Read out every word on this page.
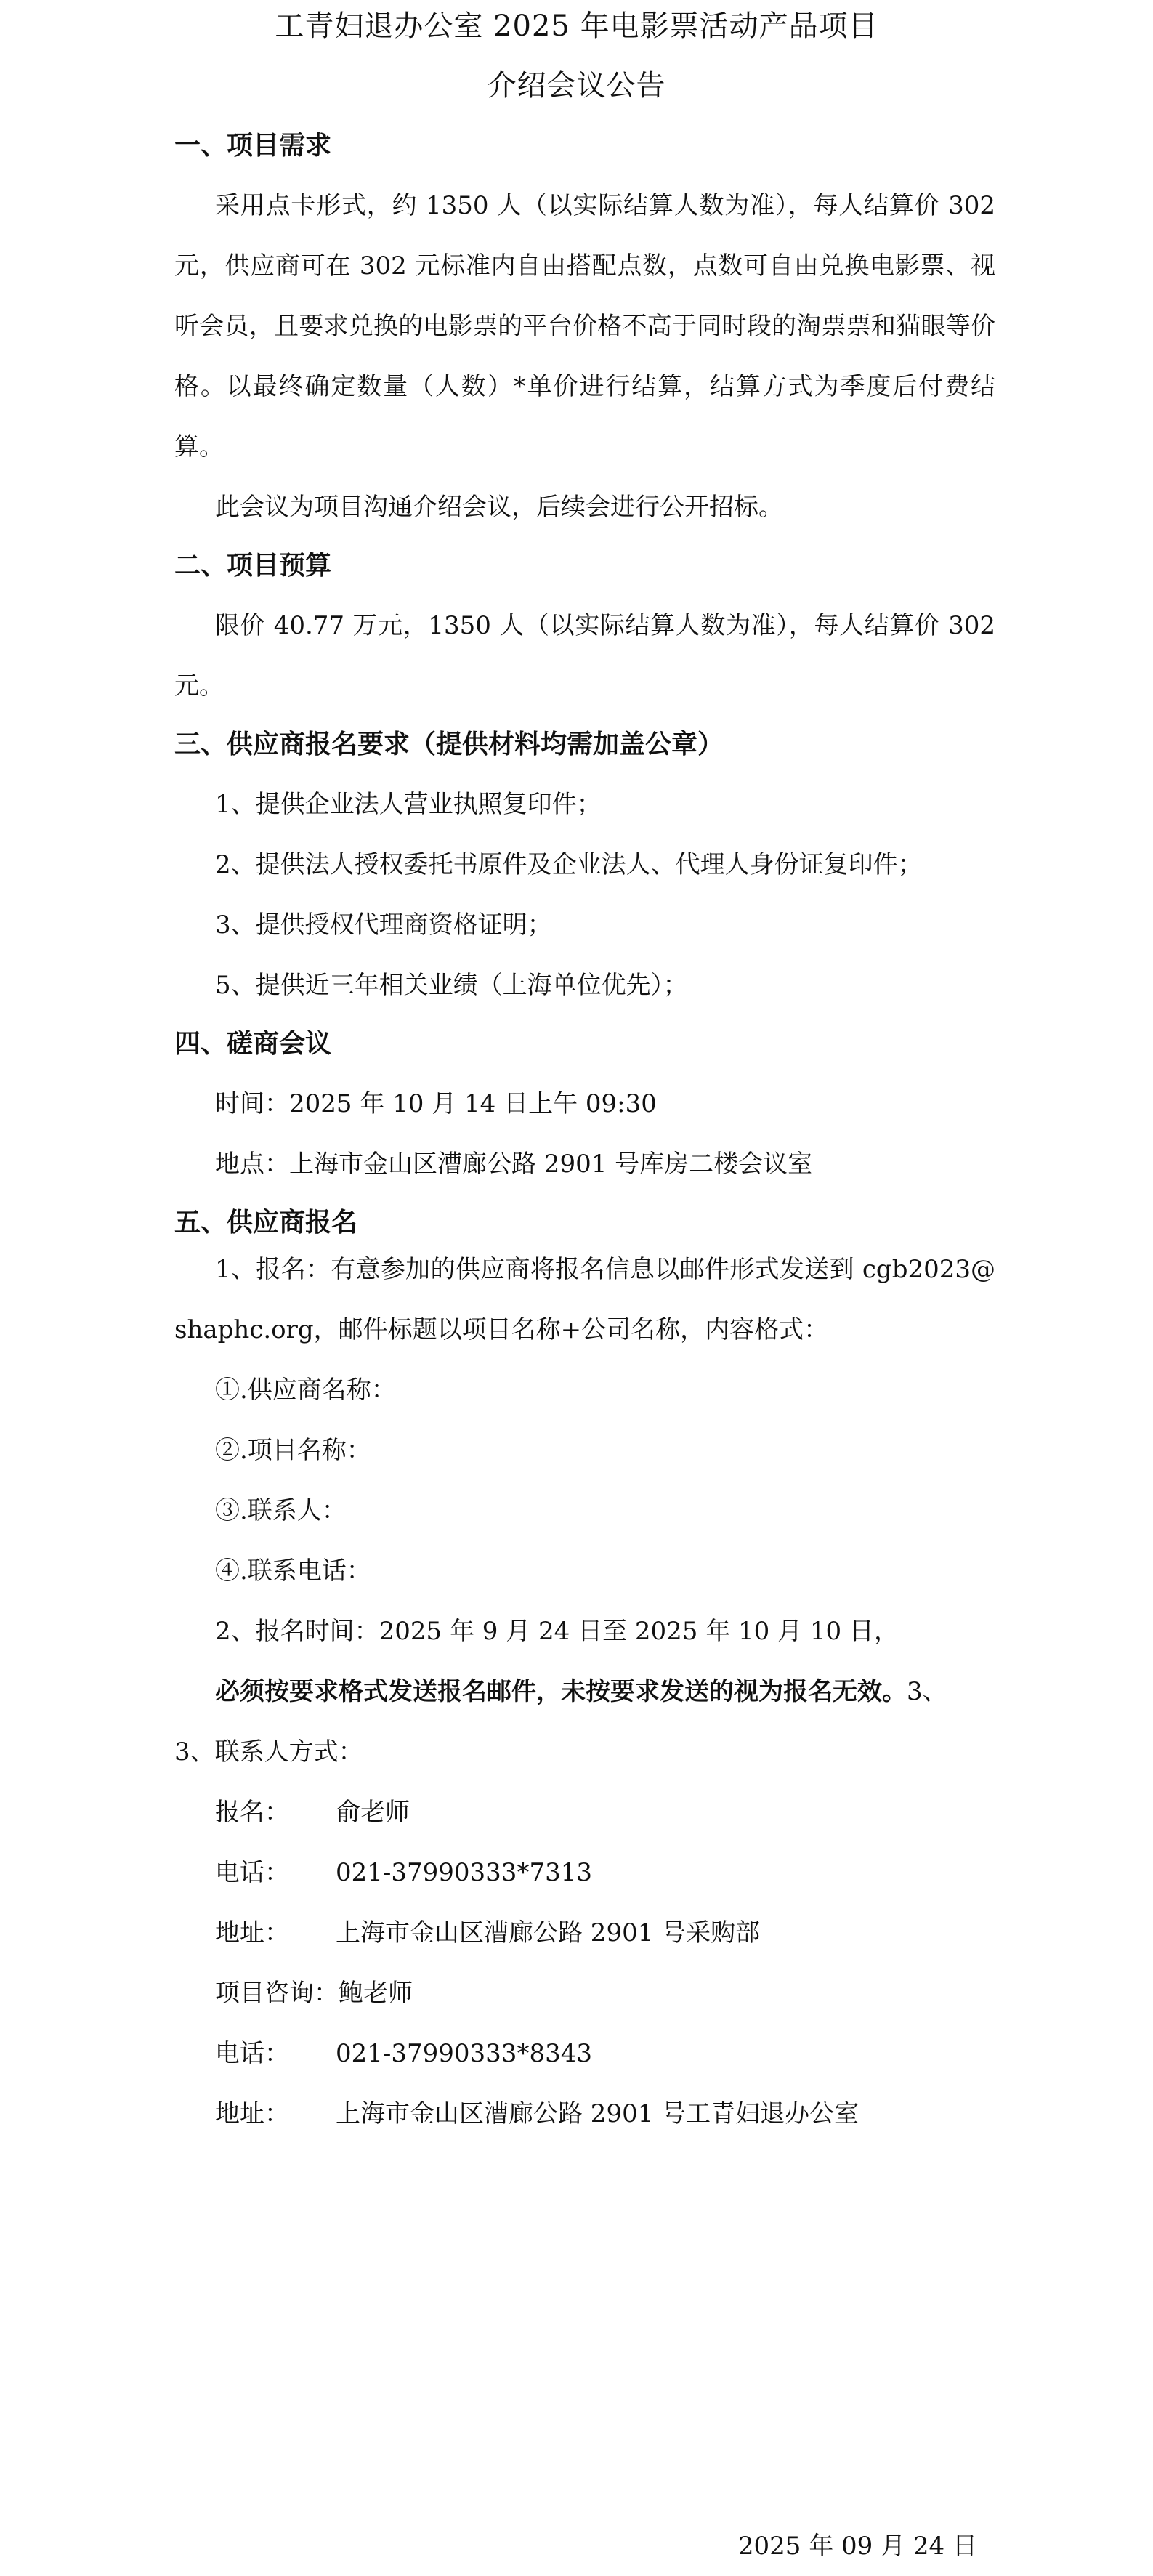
工青妇退办公室 2025 年电影票活动产品项目
介绍会议公告

一、项目需求

采用点卡形式，约 1350 人（以实际结算人数为准），每人结算价 302 元，供应商可在 302 元标准内自由搭配点数，点数可自由兑换电影票、视听会员，且要求兑换的电影票的平台价格不高于同时段的淘票票和猫眼等价格。以最终确定数量（人数）*单价进行结算，结算方式为季度后付费结算。

此会议为项目沟通介绍会议，后续会进行公开招标。

二、项目预算

限价 40.77 万元，1350 人（以实际结算人数为准），每人结算价 302 元。

三、供应商报名要求（提供材料均需加盖公章）

1、提供企业法人营业执照复印件；

2、提供法人授权委托书原件及企业法人、代理人身份证复印件；

3、提供授权代理商资格证明；

5、提供近三年相关业绩（上海单位优先）；

四、磋商会议

时间：2025 年 10 月 14 日上午 09:30

地点：上海市金山区漕廊公路 2901 号库房二楼会议室

五、供应商报名

1、报名：有意参加的供应商将报名信息以邮件形式发送到 cgb2023@shaphc.org，邮件标题以项目名称+公司名称，内容格式：

①.供应商名称：

②.项目名称：

③.联系人：

④.联系电话：

2、报名时间：2025 年 9 月 24 日至 2025 年 10 月 10 日，

必须按要求格式发送报名邮件，未按要求发送的视为报名无效。3、

3、联系人方式：

报名：	俞老师
电话：	021-37990333*7313
地址：	上海市金山区漕廊公路 2901 号采购部
项目咨询： 鲍老师
电话：	021-37990333*8343
地址：	上海市金山区漕廊公路 2901 号工青妇退办公室
2025 年 09 月 24 日
